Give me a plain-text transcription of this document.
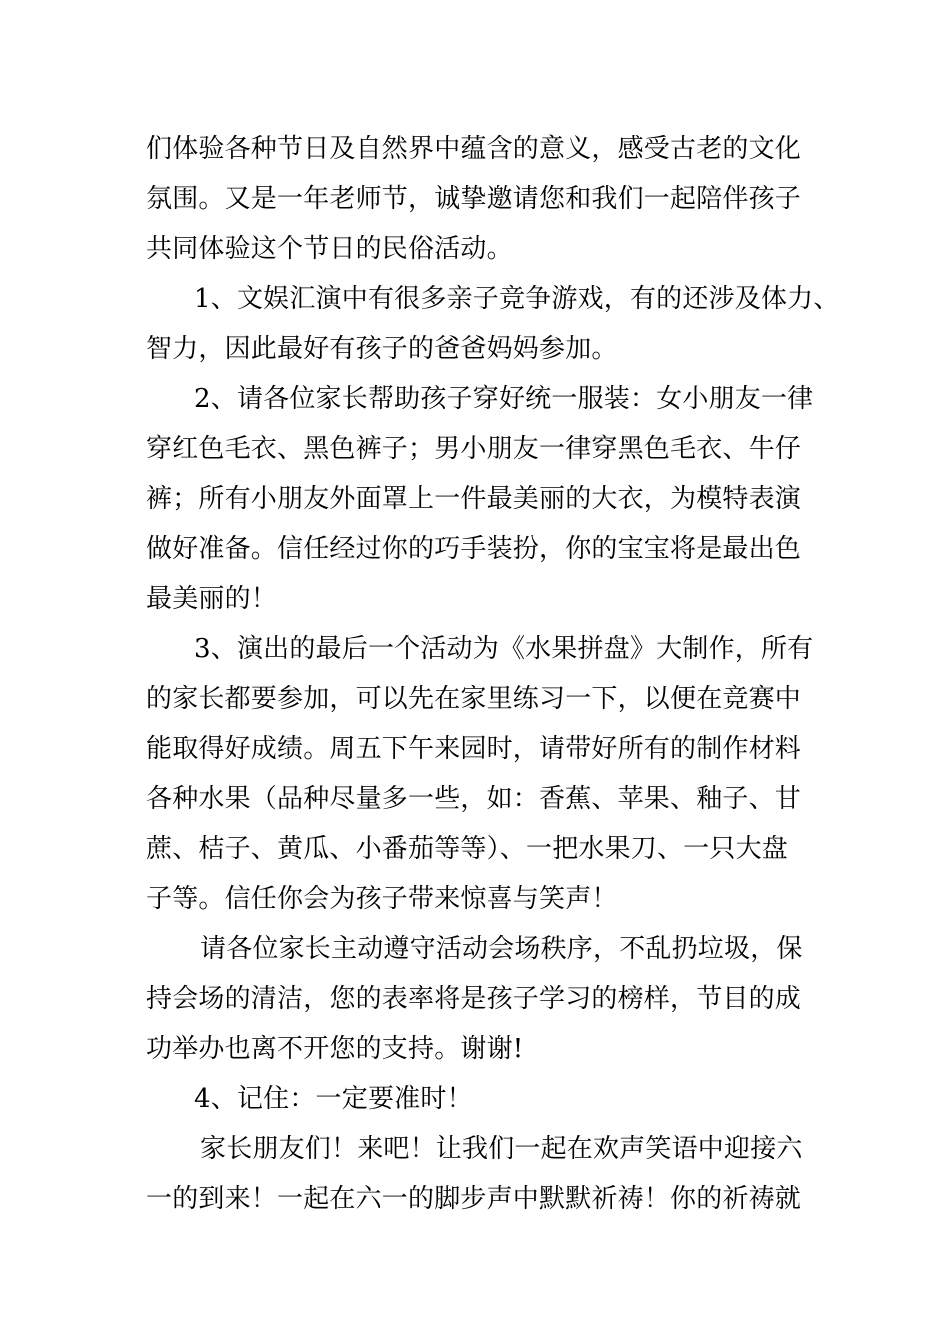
们体验各种节日及自然界中蕴含的意义，感受古老的文化
氛围。又是一年老师节，诚挚邀请您和我们一起陪伴孩子
共同体验这个节日的民俗活动。
1、文娱汇演中有很多亲子竞争游戏，有的还涉及体力、
智力，因此最好有孩子的爸爸妈妈参加。
2、请各位家长帮助孩子穿好统一服装：女小朋友一律
穿红色毛衣、黑色裤子；男小朋友一律穿黑色毛衣、牛仔
裤；所有小朋友外面罩上一件最美丽的大衣，为模特表演
做好准备。信任经过你的巧手装扮，你的宝宝将是最出色
最美丽的！
3、演出的最后一个活动为《水果拼盘》大制作，所有
的家长都要参加，可以先在家里练习一下，以便在竞赛中
能取得好成绩。周五下午来园时，请带好所有的制作材料
各种水果（品种尽量多一些，如：香蕉、苹果、釉子、甘
蔗、桔子、黄瓜、小番茄等等）、一把水果刀、一只大盘
子等。信任你会为孩子带来惊喜与笑声！
请各位家长主动遵守活动会场秩序，不乱扔垃圾，保
持会场的清洁，您的表率将是孩子学习的榜样，节目的成
功举办也离不开您的支持。谢谢!
4、记住：一定要准时！
家长朋友们！来吧！让我们一起在欢声笑语中迎接六
一的到来！一起在六一的脚步声中默默祈祷！你的祈祷就
